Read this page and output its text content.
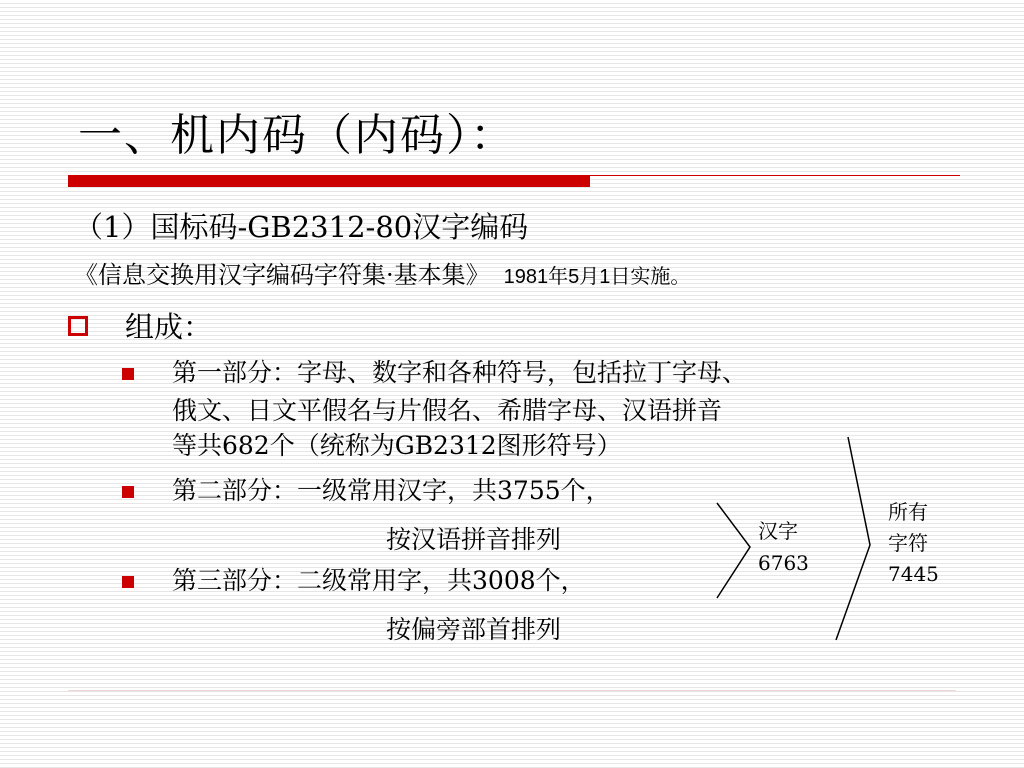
一、机内码（内码）：
（1）国标码-GB2312-80汉字编码
《信息交换用汉字编码字符集·基本集》 1981年5月1日实施。
组成：
第一部分：字母、数字和各种符号，包括拉丁字母、
俄文、日文平假名与片假名、希腊字母、汉语拼音
等共682个（统称为GB2312图形符号）
第二部分：一级常用汉字，共3755个，
按汉语拼音排列
第三部分：二级常用字，共3008个，
按偏旁部首排列
汉字
6763
所有
字符
7445
